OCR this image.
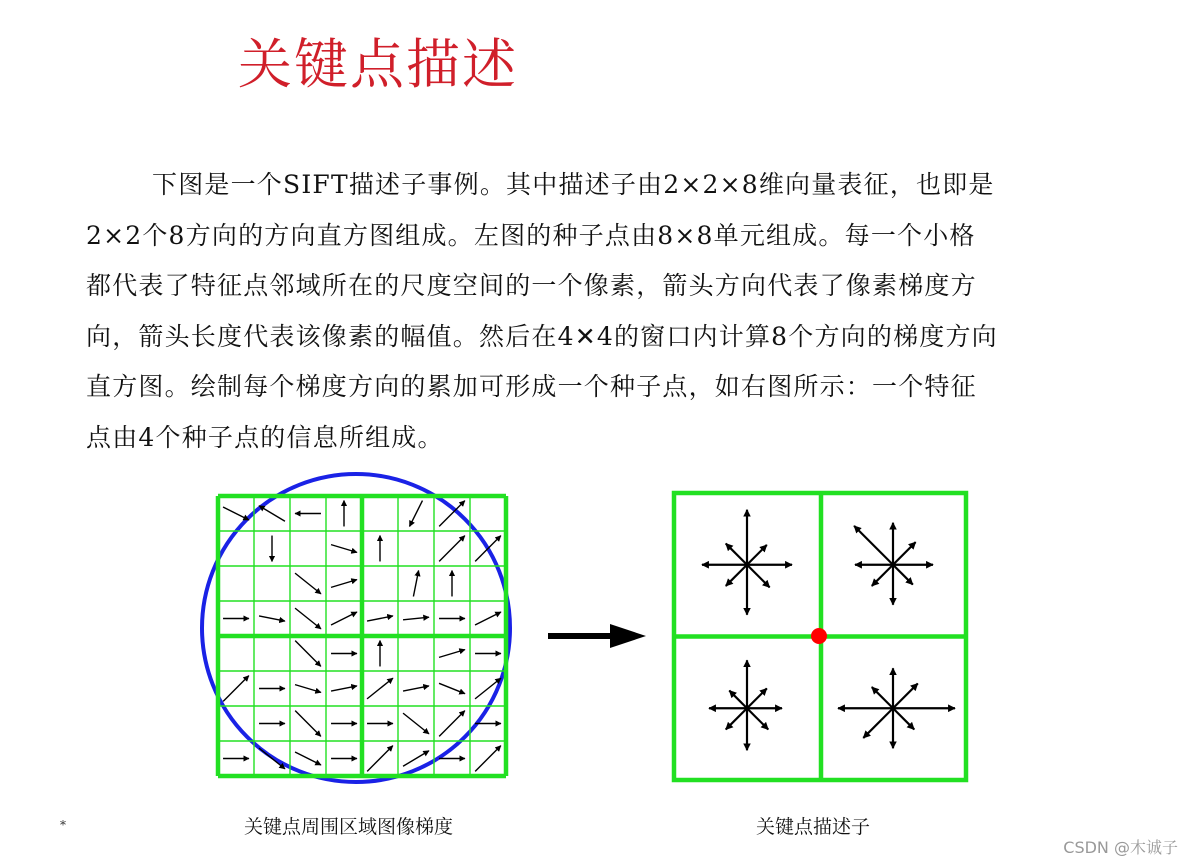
关键点描述
下图是一个SIFT描述子事例。其中描述子由2×2×8维向量表征，也即是
2×2个8方向的方向直方图组成。左图的种子点由8×8单元组成。每一个小格
都代表了特征点邻域所在的尺度空间的一个像素，箭头方向代表了像素梯度方
向，箭头长度代表该像素的幅值。然后在4✕4的窗口内计算8个方向的梯度方向
直方图。绘制每个梯度方向的累加可形成一个种子点，如右图所示：一个特征
点由4个种子点的信息所组成。
关键点周围区域图像梯度	关键点描述子
*
CSDN @木诚子
